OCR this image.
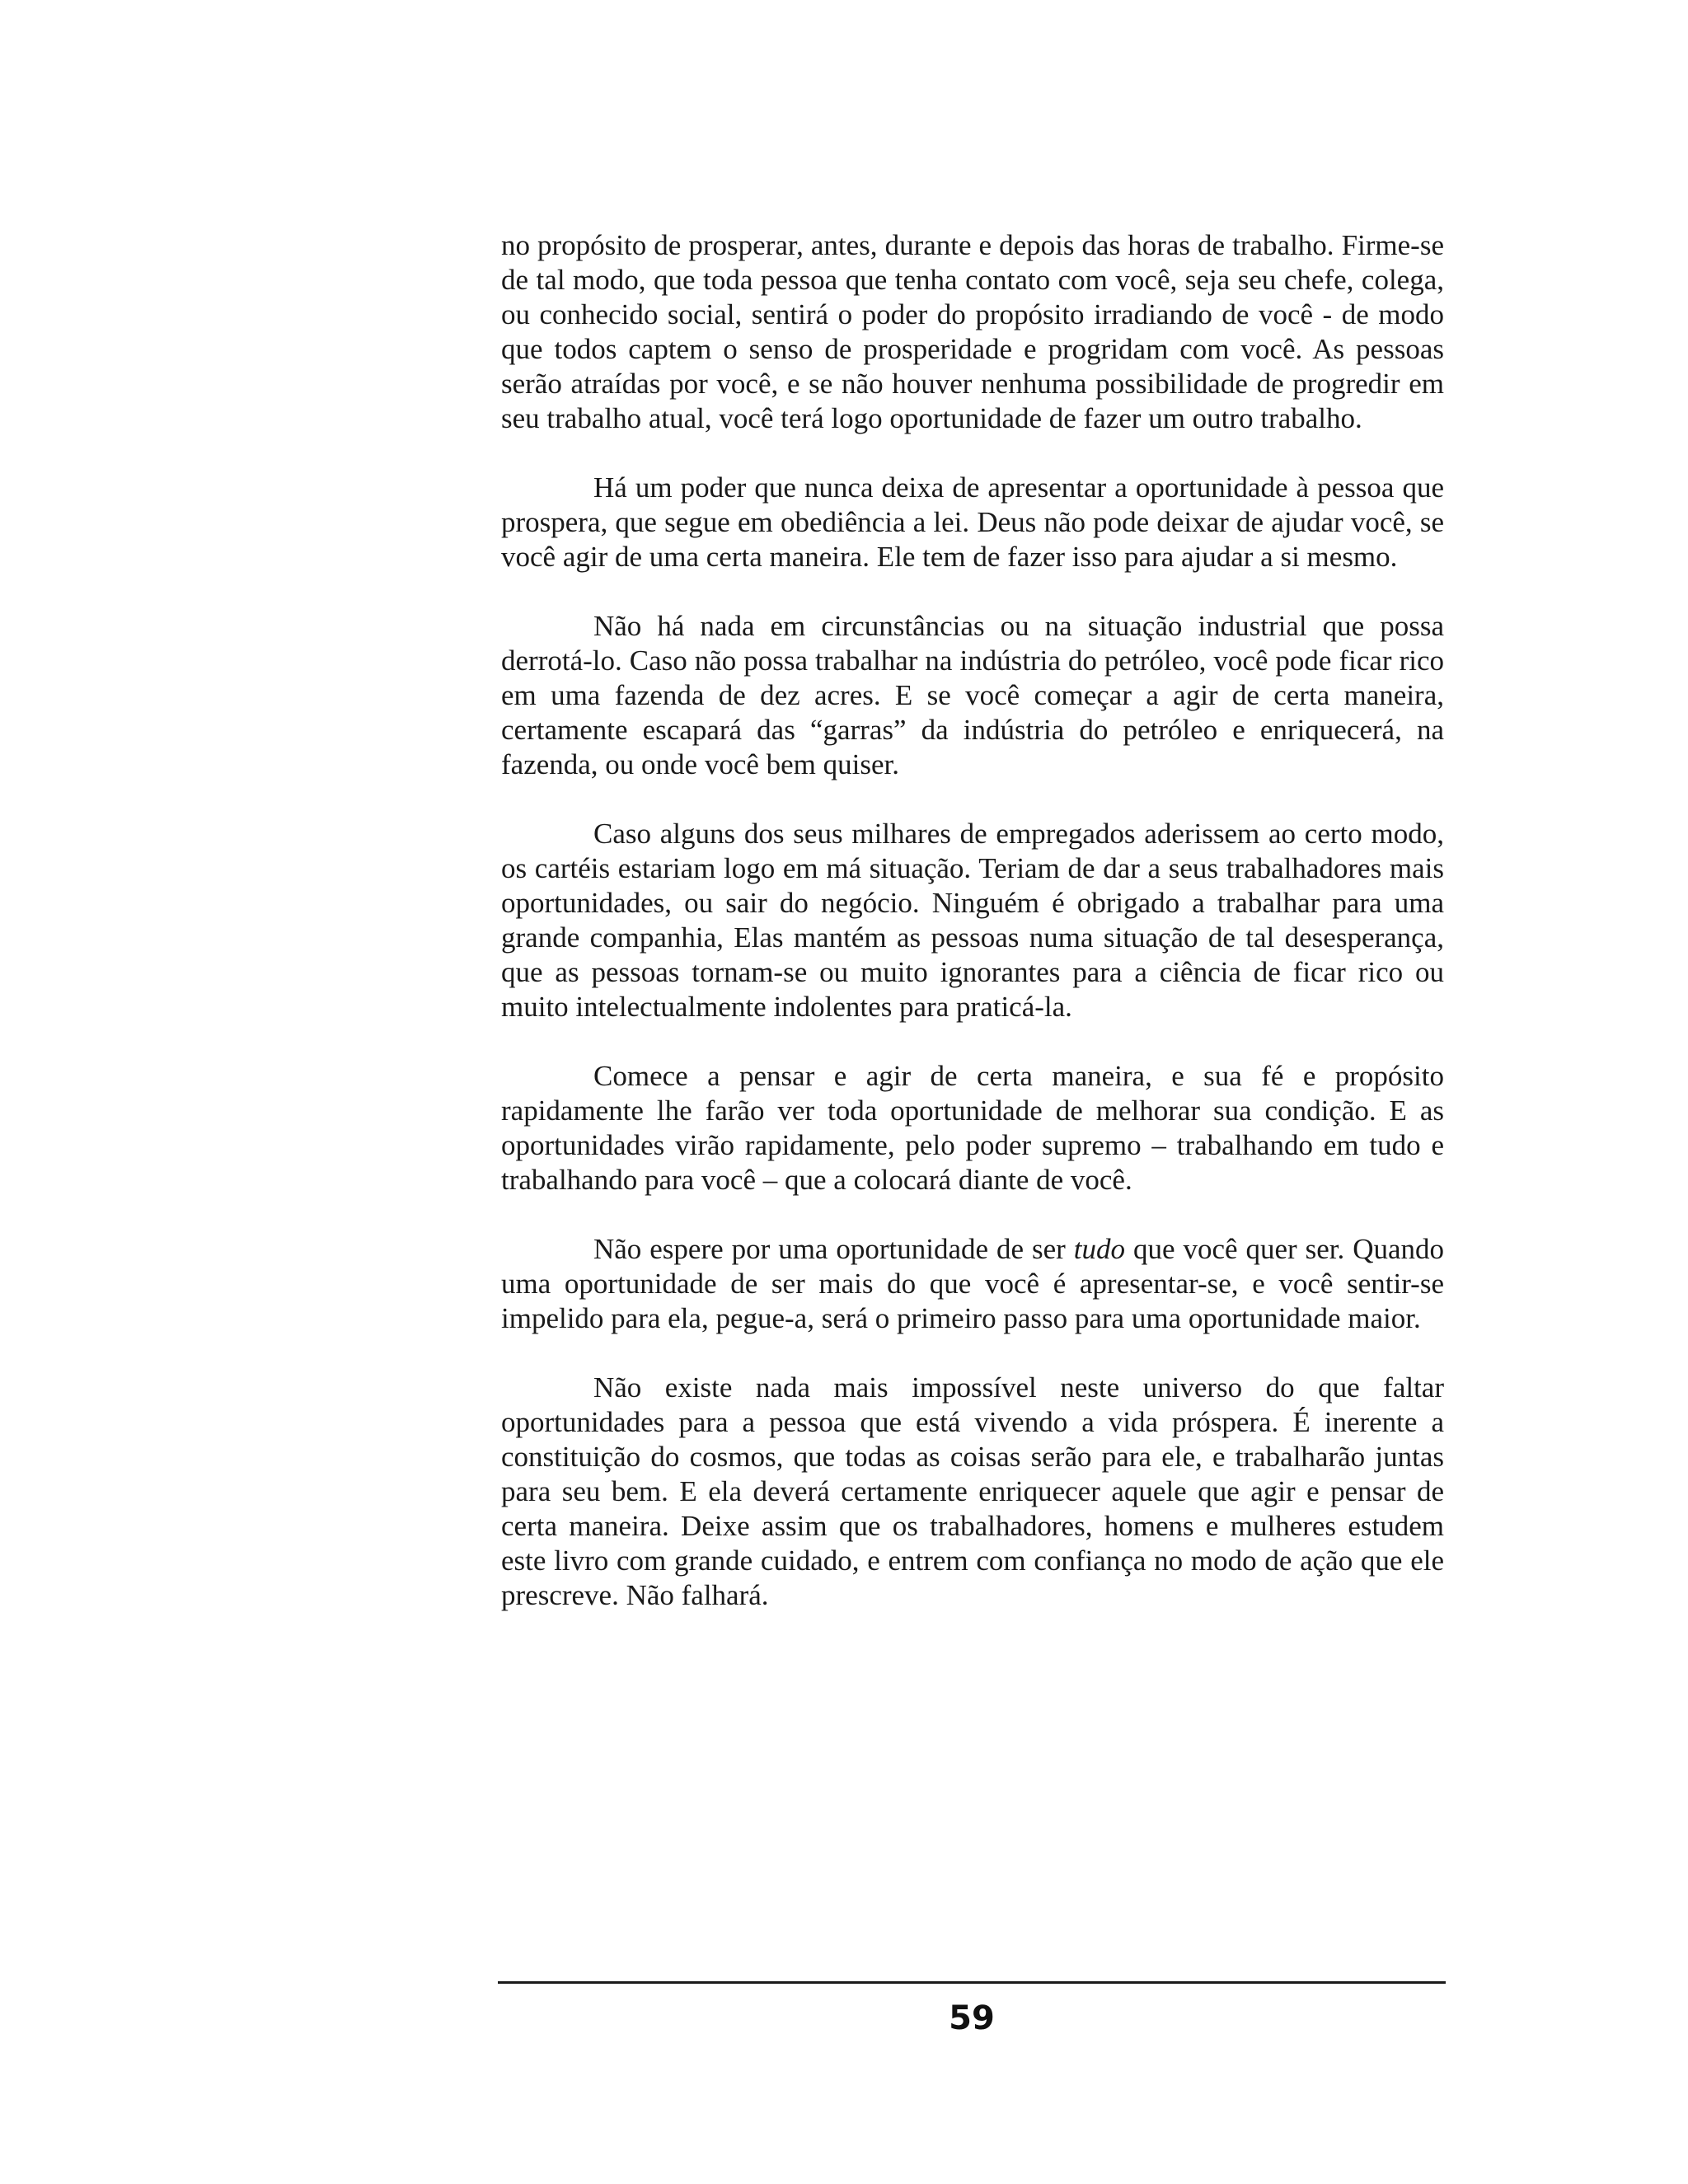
no propósito de prosperar, antes, durante e depois das horas de trabalho. Firme-se de tal modo, que toda pessoa que tenha contato com você, seja seu chefe, colega, ou conhecido social, sentirá o poder do propósito irradiando de você - de modo que todos captem o senso de prosperidade e progridam com você. As pessoas serão atraídas por você, e se não houver nenhuma possibilidade de progredir em seu trabalho atual, você terá logo oportunidade de fazer um outro trabalho.

Há um poder que nunca deixa de apresentar a oportunidade à pessoa que prospera, que segue em obediência a lei. Deus não pode deixar de ajudar você, se você agir de uma certa maneira. Ele tem de fazer isso para ajudar a si mesmo.

Não há nada em circunstâncias ou na situação industrial que possa derrotá-lo. Caso não possa trabalhar na indústria do petróleo, você pode ficar rico em uma fazenda de dez acres. E se você começar a agir de certa maneira, certamente escapará das “garras” da indústria do petróleo e enriquecerá, na fazenda, ou onde você bem quiser.

Caso alguns dos seus milhares de empregados aderissem ao certo modo, os cartéis estariam logo em má situação. Teriam de dar a seus trabalhadores mais oportunidades, ou sair do negócio. Ninguém é obrigado a trabalhar para uma grande companhia, Elas mantém as pessoas numa situação de tal desesperança, que as pessoas tornam-se ou muito ignorantes para a ciência de ficar rico ou muito intelectualmente indolentes para praticá-la.

Comece a pensar e agir de certa maneira, e sua fé e propósito rapidamente lhe farão ver toda oportunidade de melhorar sua condição. E as oportunidades virão rapidamente, pelo poder supremo – trabalhando em tudo e trabalhando para você – que a colocará diante de você.

Não espere por uma oportunidade de ser tudo que você quer ser. Quando uma oportunidade de ser mais do que você é apresentar-se, e você sentir-se impelido para ela, pegue-a, será o primeiro passo para uma oportunidade maior.

Não existe nada mais impossível neste universo do que faltar oportunidades para a pessoa que está vivendo a vida próspera. É inerente a constituição do cosmos, que todas as coisas serão para ele, e trabalharão juntas para seu bem. E ela deverá certamente enriquecer aquele que agir e pensar de certa maneira. Deixe assim que os trabalhadores, homens e mulheres estudem este livro com grande cuidado, e entrem com confiança no modo de ação que ele prescreve. Não falhará.

59
